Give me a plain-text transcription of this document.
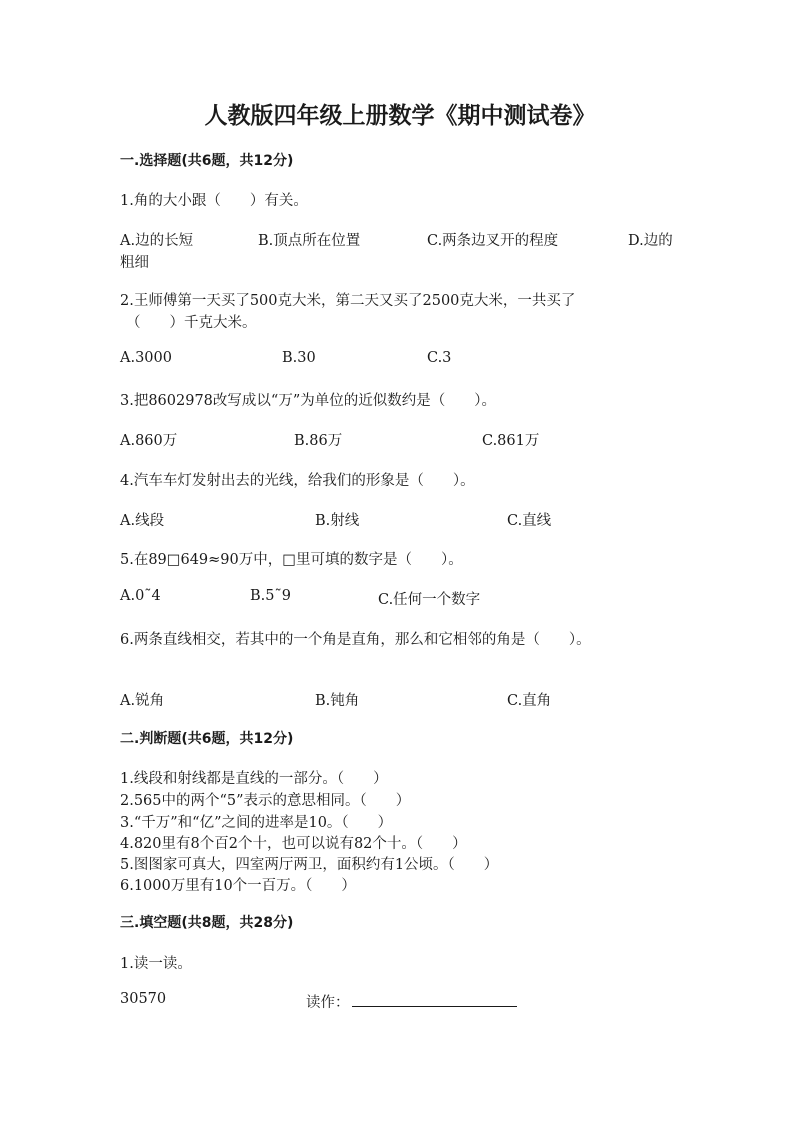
人教版四年级上册数学《期中测试卷》
一.选择题(共6题，共12分)
1.角的大小跟（　　）有关。
A.边的长短	B.顶点所在位置	C.两条边叉开的程度	D.边的
粗细
2.王师傅第一天买了500克大米，第二天又买了2500克大米，一共买了
（　　）千克大米。
A.3000	B.30	C.3
3.把8602978改写成以“万”为单位的近似数约是（　　）。
A.860万	B.86万	C.861万
4.汽车车灯发射出去的光线，给我们的形象是（　　）。
A.线段	B.射线	C.直线
5.在89□649≈90万中，□里可填的数字是（　　）。
A.0˜4	B.5˜9	C.任何一个数字
6.两条直线相交，若其中的一个角是直角，那么和它相邻的角是（　　）。
A.锐角	B.钝角	C.直角
二.判断题(共6题，共12分)
1.线段和射线都是直线的一部分。（　　）
2.565中的两个“5”表示的意思相同。（　　）
3.“千万”和“亿”之间的进率是10。（　　）
4.820里有8个百2个十，也可以说有82个十。（　　）
5.图图家可真大，四室两厅两卫，面积约有1公顷。（　　）
6.1000万里有10个一百万。（　　）
三.填空题(共8题，共28分)
1.读一读。
30570	读作：
